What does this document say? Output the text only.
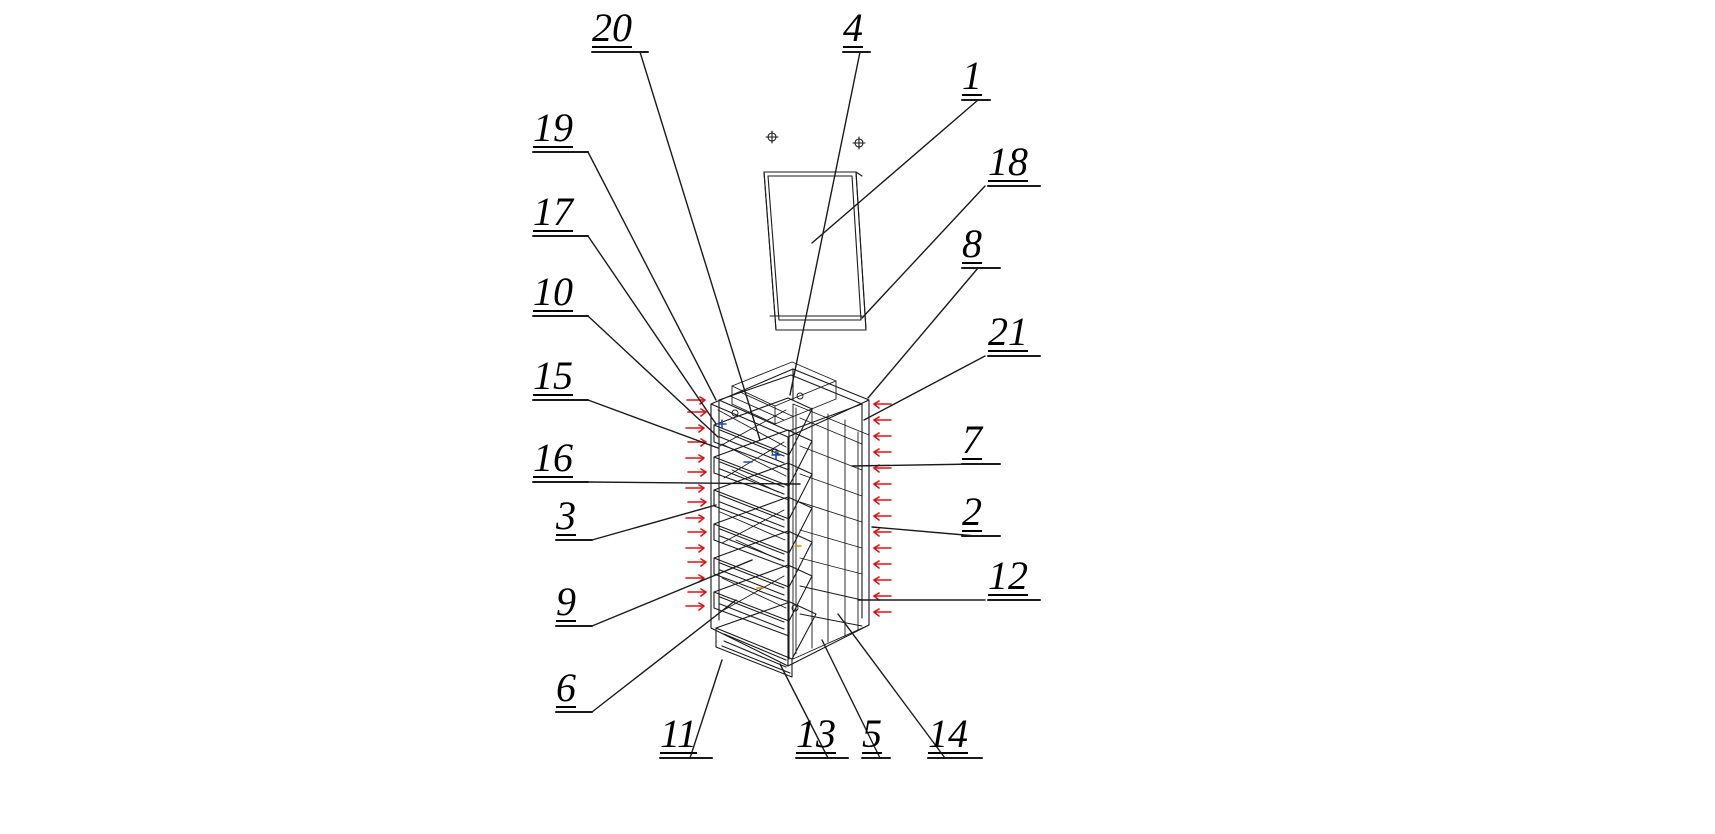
20	4
1
18
19
17
8
10
21
15
7
16
2
3
12
9
6
11 13 5 14
